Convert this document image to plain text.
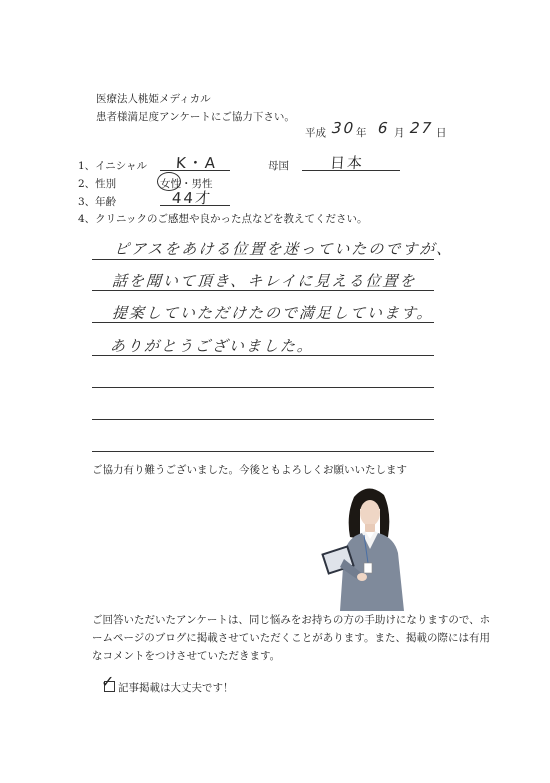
医療法人桃姫メディカル
患者様満足度アンケートにご協力下さい。
平成 30 年 6 月 27 日
1、イニシャル K・A	母国	日本
2、性別	女性・男性
3、年齢	44才
4、クリニックのご感想や良かった点などを教えてください。
ピアスをあける位置を迷っていたのですが、
話を聞いて頂き、キレイに見える位置を
提案していただけたので満足しています。
ありがとうございました。
ご協力有り難うございました。今後ともよろしくお願いいたします
ご回答いただいたアンケートは、同じ悩みをお持ちの方の手助けになりますので、ホ
ームページのブログに掲載させていただくことがあります。また、掲載の際には有用
なコメントをつけさせていただきます。
✓ 記事掲載は大丈夫です！
